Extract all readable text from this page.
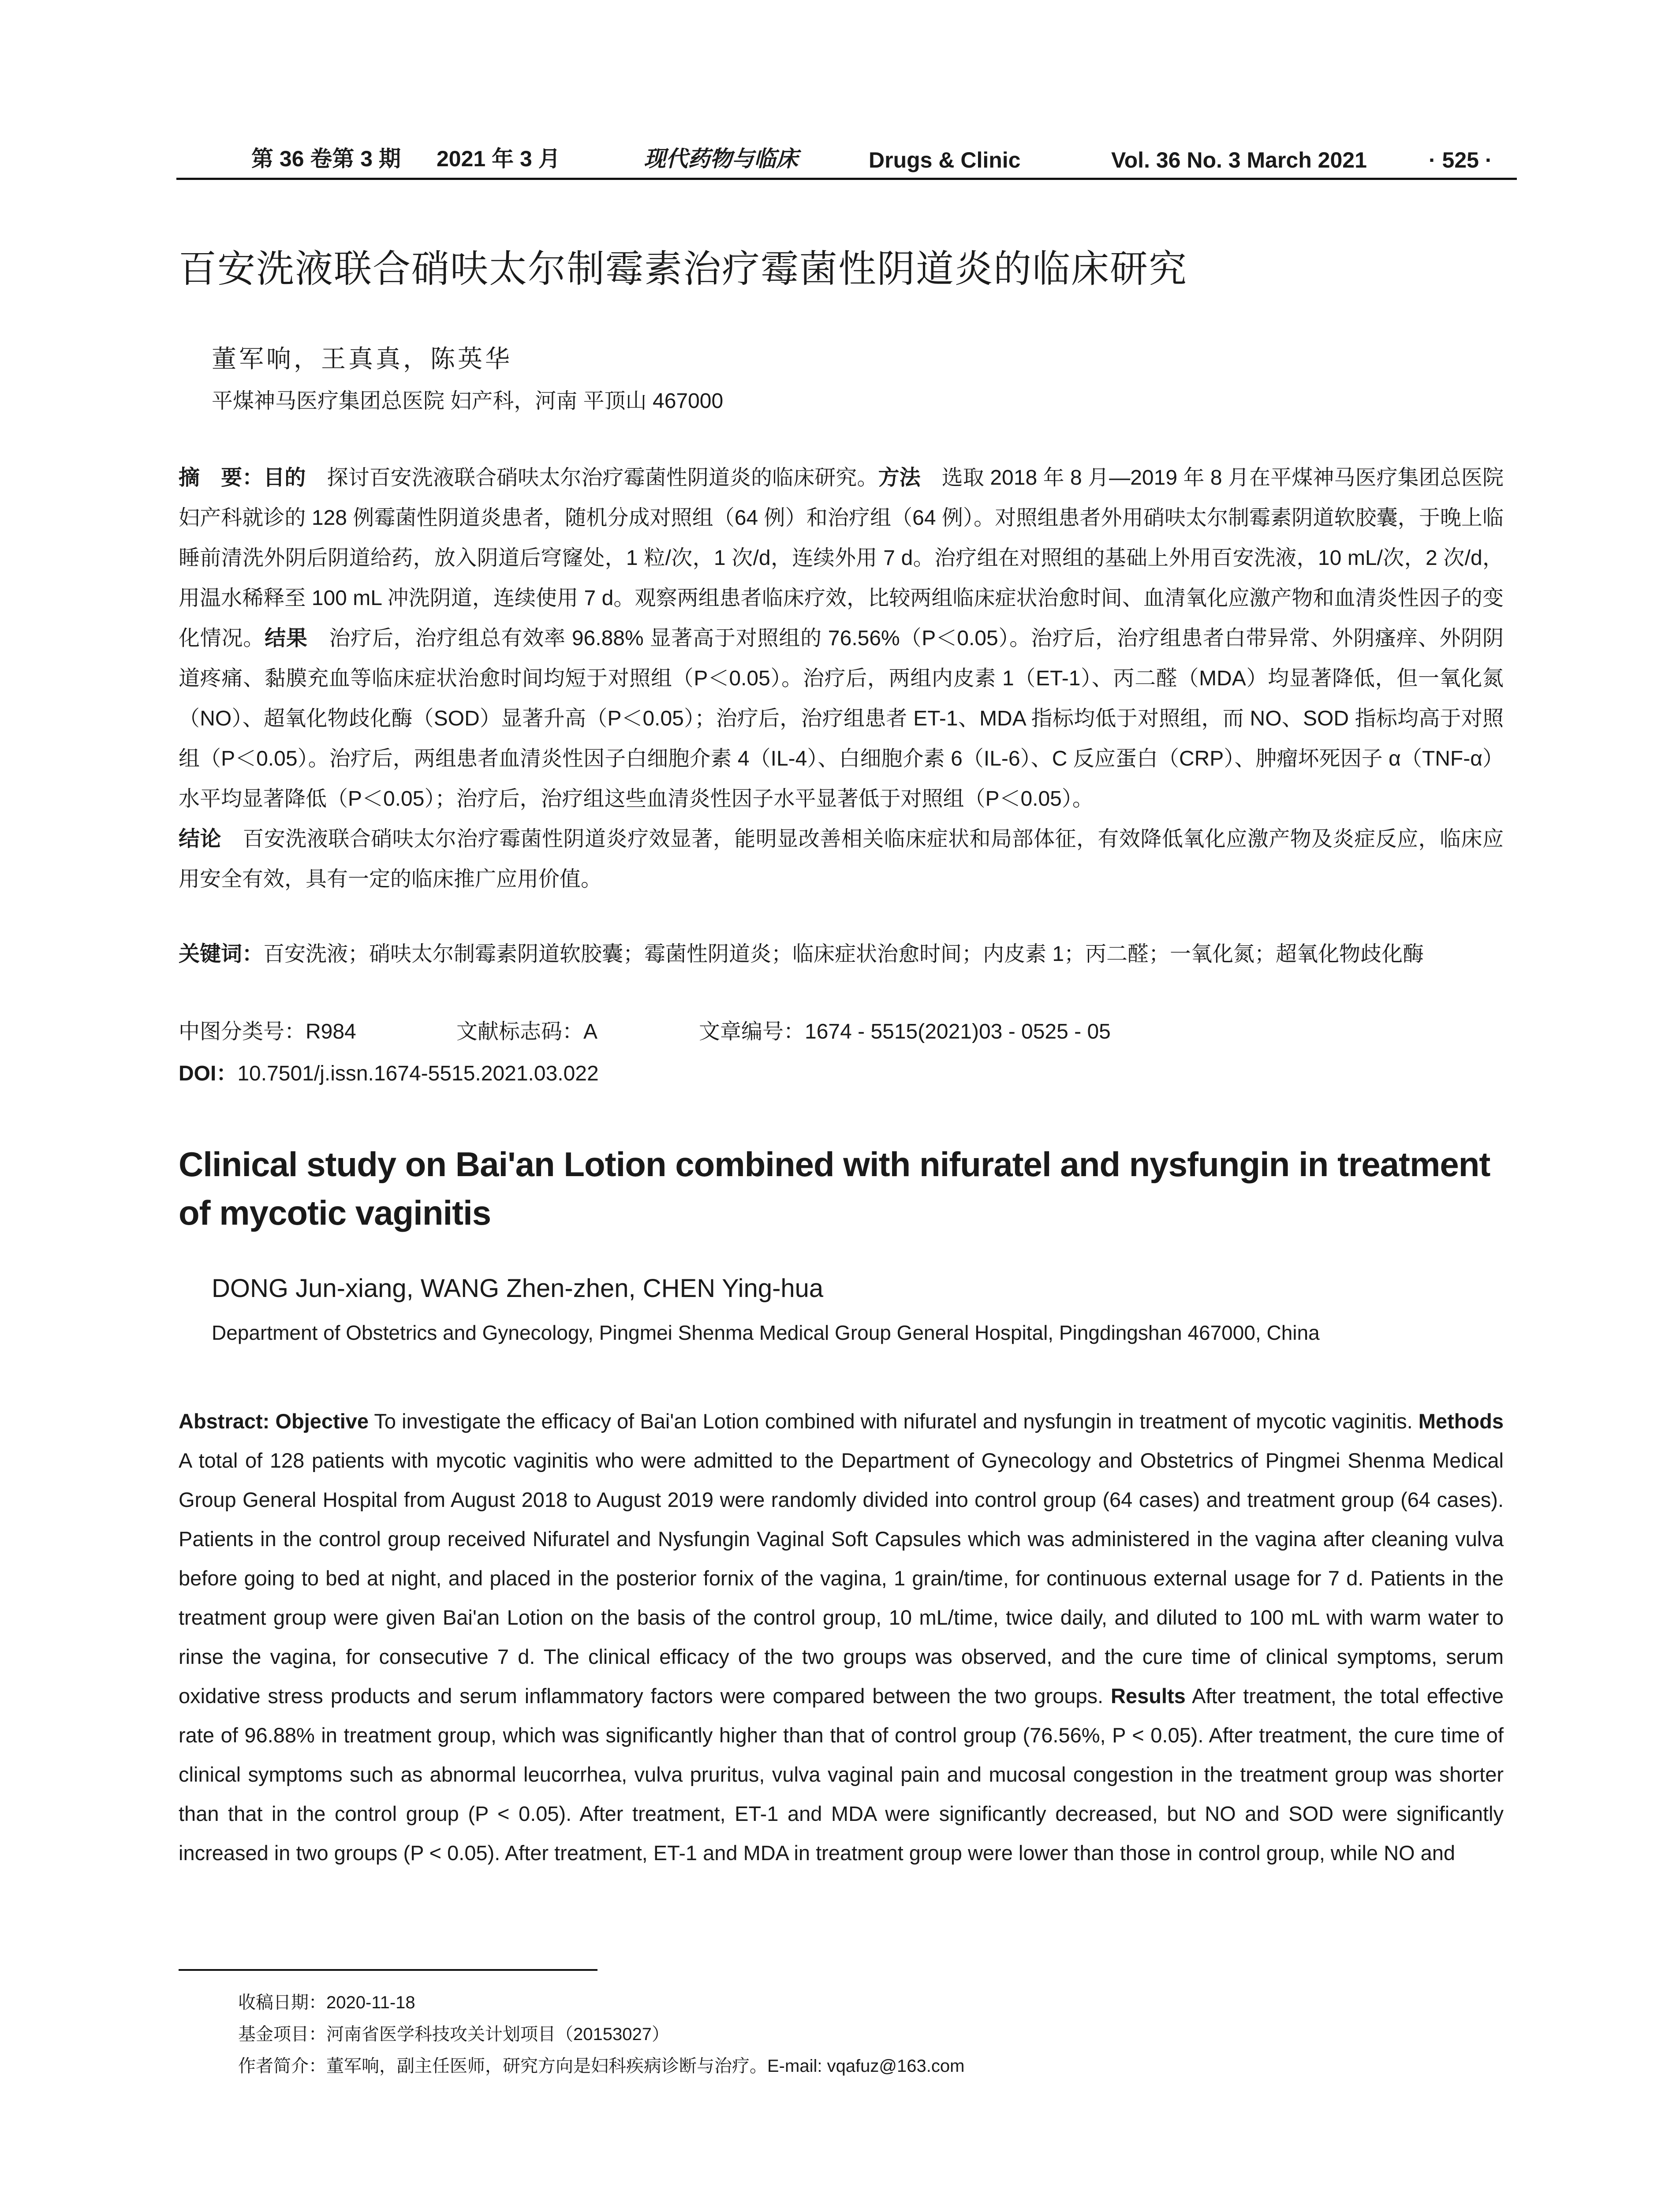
第 36 卷第 3 期 2021 年 3 月	现代药物与临床	Drugs & Clinic	Vol. 36 No. 3 March 2021	· 525 ·
百安洗液联合硝呋太尔制霉素治疗霉菌性阴道炎的临床研究
董军响，王真真，陈英华
平煤神马医疗集团总医院 妇产科，河南 平顶山 467000
摘　要：目的　探讨百安洗液联合硝呋太尔治疗霉菌性阴道炎的临床研究。方法　选取 2018 年 8 月—2019 年 8 月在平煤神马医疗集团总医院妇产科就诊的 128 例霉菌性阴道炎患者，随机分成对照组（64 例）和治疗组（64 例）。对照组患者外用硝呋太尔制霉素阴道软胶囊，于晚上临睡前清洗外阴后阴道给药，放入阴道后穹窿处，1 粒/次，1 次/d，连续外用 7 d。治疗组在对照组的基础上外用百安洗液，10 mL/次，2 次/d，用温水稀释至 100 mL 冲洗阴道，连续使用 7 d。观察两组患者临床疗效，比较两组临床症状治愈时间、血清氧化应激产物和血清炎性因子的变化情况。结果　治疗后，治疗组总有效率 96.88% 显著高于对照组的 76.56%（P＜0.05）。治疗后，治疗组患者白带异常、外阴瘙痒、外阴阴道疼痛、黏膜充血等临床症状治愈时间均短于对照组（P＜0.05）。治疗后，两组内皮素 1（ET-1）、丙二醛（MDA）均显著降低，但一氧化氮（NO）、超氧化物歧化酶（SOD）显著升高（P＜0.05）；治疗后，治疗组患者 ET-1、MDA 指标均低于对照组，而 NO、SOD 指标均高于对照组（P＜0.05）。治疗后，两组患者血清炎性因子白细胞介素 4（IL-4）、白细胞介素 6（IL-6）、C 反应蛋白（CRP）、肿瘤坏死因子 α（TNF-α）水平均显著降低（P＜0.05）；治疗后，治疗组这些血清炎性因子水平显著低于对照组（P＜0.05）。
结论　百安洗液联合硝呋太尔治疗霉菌性阴道炎疗效显著，能明显改善相关临床症状和局部体征，有效降低氧化应激产物及炎症反应，临床应用安全有效，具有一定的临床推广应用价值。
关键词：百安洗液；硝呋太尔制霉素阴道软胶囊；霉菌性阴道炎；临床症状治愈时间；内皮素 1；丙二醛；一氧化氮；超氧化物歧化酶
中图分类号：R984	文献标志码：A	文章编号：1674 - 5515(2021)03 - 0525 - 05
DOI：10.7501/j.issn.1674-5515.2021.03.022
Clinical study on Bai'an Lotion combined with nifuratel and nysfungin in treatment of mycotic vaginitis
DONG Jun-xiang, WANG Zhen-zhen, CHEN Ying-hua
Department of Obstetrics and Gynecology, Pingmei Shenma Medical Group General Hospital, Pingdingshan 467000, China
Abstract: Objective To investigate the efficacy of Bai'an Lotion combined with nifuratel and nysfungin in treatment of mycotic vaginitis. Methods A total of 128 patients with mycotic vaginitis who were admitted to the Department of Gynecology and Obstetrics of Pingmei Shenma Medical Group General Hospital from August 2018 to August 2019 were randomly divided into control group (64 cases) and treatment group (64 cases). Patients in the control group received Nifuratel and Nysfungin Vaginal Soft Capsules which was administered in the vagina after cleaning vulva before going to bed at night, and placed in the posterior fornix of the vagina, 1 grain/time, for continuous external usage for 7 d. Patients in the treatment group were given Bai'an Lotion on the basis of the control group, 10 mL/time, twice daily, and diluted to 100 mL with warm water to rinse the vagina, for consecutive 7 d. The clinical efficacy of the two groups was observed, and the cure time of clinical symptoms, serum oxidative stress products and serum inflammatory factors were compared between the two groups. Results After treatment, the total effective rate of 96.88% in treatment group, which was significantly higher than that of control group (76.56%, P < 0.05). After treatment, the cure time of clinical symptoms such as abnormal leucorrhea, vulva pruritus, vulva vaginal pain and mucosal congestion in the treatment group was shorter than that in the control group (P < 0.05). After treatment, ET-1 and MDA were significantly decreased, but NO and SOD were significantly increased in two groups (P < 0.05). After treatment, ET-1 and MDA in treatment group were lower than those in control group, while NO and
收稿日期：2020-11-18
基金项目：河南省医学科技攻关计划项目（20153027）
作者简介：董军响，副主任医师，研究方向是妇科疾病诊断与治疗。E-mail: vqafuz@163.com
